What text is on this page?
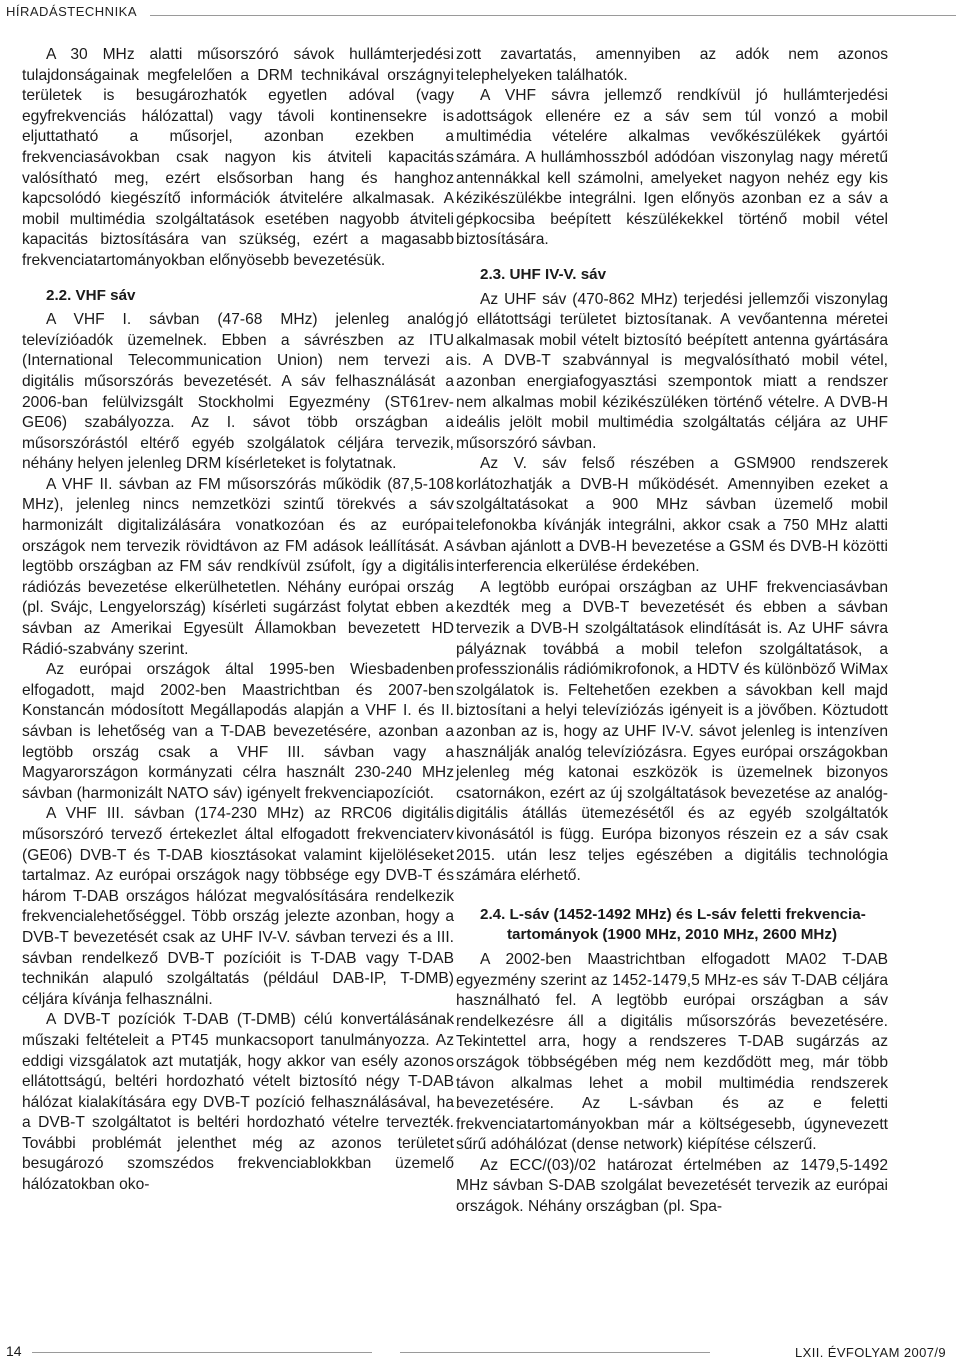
HÍRADÁSTECHNIKA

A 30 MHz alatti műsorszóró sávok hullámterjedési tulajdonságainak megfelelően a DRM technikával országnyi területek is besugározhatók egyetlen adóval (vagy egyfrekvenciás hálózattal) vagy távoli kontinensekre is eljuttatható a műsorjel, azonban ezekben a frekvenciasávokban csak nagyon kis átviteli kapacitás valósítható meg, ezért elsősorban hang és hanghoz kapcsolódó kiegészítő információk átvitelére alkalmasak. A mobil multimédia szolgáltatások esetében nagyobb átviteli kapacitás biztosítására van szükség, ezért a magasabb frekvenciatartományokban előnyösebb bevezetésük.

2.2. VHF sáv

A VHF I. sávban (47-68 MHz) jelenleg analóg televízióadók üzemelnek. Ebben a sávrészben az ITU (International Telecommunication Union) nem tervezi a digitális műsorszórás bevezetését. A sáv felhasználását a 2006-ban felülvizsgált Stockholmi Egyezmény (ST61rev-GE06) szabályozza. Az I. sávot több országban a műsorszórástól eltérő egyéb szolgálatok céljára tervezik, néhány helyen jelenleg DRM kísérleteket is folytatnak.

A VHF II. sávban az FM műsorszórás működik (87,5-108 MHz), jelenleg nincs nemzetközi szintű törekvés a sáv harmonizált digitalizálására vonatkozóan és az európai országok nem tervezik rövidtávon az FM adások leállítását. A legtöbb országban az FM sáv rendkívül zsúfolt, így a digitális rádiózás bevezetése elkerülhetetlen. Néhány európai ország (pl. Svájc, Lengyelország) kísérleti sugárzást folytat ebben a sávban az Amerikai Egyesült Államokban bevezetett HD Rádió-szabvány szerint.

Az európai országok által 1995-ben Wiesbadenben elfogadott, majd 2002-ben Maastrichtban és 2007-ben Konstancán módosított Megállapodás alapján a VHF I. és II. sávban is lehetőség van a T-DAB bevezetésére, azonban a legtöbb ország csak a VHF III. sávban vagy a Magyarországon kormányzati célra használt 230-240 MHz sávban (harmonizált NATO sáv) igényelt frekvenciapozíciót.

A VHF III. sávban (174-230 MHz) az RRC06 digitális műsorszóró tervező értekezlet által elfogadott frekvenciaterv (GE06) DVB-T és T-DAB kiosztásokat valamint kijelöléseket tartalmaz. Az európai országok nagy többsége egy DVB-T és három T-DAB országos hálózat megvalósítására rendelkezik frekvencialehetőséggel. Több ország jelezte azonban, hogy a DVB-T bevezetését csak az UHF IV-V. sávban tervezi és a III. sávban rendelkező DVB-T pozícióit is T-DAB vagy T-DAB technikán alapuló szolgáltatás (például DAB-IP, T-DMB) céljára kívánja felhasználni.

A DVB-T pozíciók T-DAB (T-DMB) célú konvertálásának műszaki feltételeit a PT45 munkacsoport tanulmányozza. Az eddigi vizsgálatok azt mutatják, hogy akkor van esély azonos ellátottságú, beltéri hordozható vételt biztosító négy T-DAB hálózat kialakítására egy DVB-T pozíció felhasználásával, ha a DVB-T szolgáltatot is beltéri hordozható vételre tervezték. További problémát jelenthet még az azonos területet besugározó szomszédos frekvenciablokkban üzemelő hálózatokban oko-

zott zavartatás, amennyiben az adók nem azonos telephelyeken találhatók.

A VHF sávra jellemző rendkívül jó hullámterjedési adottságok ellenére ez a sáv sem túl vonzó a mobil multimédia vételére alkalmas vevőkészülékek gyártói számára. A hullámhosszból adódóan viszonylag nagy méretű antennákkal kell számolni, amelyeket nagyon nehéz egy kis kézikészülékbe integrálni. Igen előnyös azonban ez a sáv a gépkocsiba beépített készülékekkel történő mobil vétel biztosítására.

2.3. UHF IV-V. sáv

Az UHF sáv (470-862 MHz) terjedési jellemzői viszonylag jó ellátottsági területet biztosítanak. A vevőantenna méretei alkalmasak mobil vételt biztosító beépített antenna gyártására is. A DVB-T szabvánnyal is megvalósítható mobil vétel, azonban energiafogyasztási szempontok miatt a rendszer nem alkalmas mobil kézikészüléken történő vételre. A DVB-H ideális jelölt mobil multimédia szolgáltatás céljára az UHF műsorszóró sávban.

Az V. sáv felső részében a GSM900 rendszerek korlátozhatják a DVB-H működését. Amennyiben ezeket a szolgáltatásokat a 900 MHz sávban üzemelő mobil telefonokba kívánják integrálni, akkor csak a 750 MHz alatti sávban ajánlott a DVB-H bevezetése a GSM és DVB-H közötti interferencia elkerülése érdekében.

A legtöbb európai országban az UHF frekvenciasávban kezdték meg a DVB-T bevezetését és ebben a sávban tervezik a DVB-H szolgáltatások elindítását is. Az UHF sávra pályáznak továbbá a mobil telefon szolgáltatások, a professzionális rádiómikrofonok, a HDTV és különböző WiMax szolgálatok is. Feltehetően ezekben a sávokban kell majd biztosítani a helyi televíziózás igényeit is a jövőben. Köztudott azonban az is, hogy az UHF IV-V. sávot jelenleg is intenzíven használják analóg televíziózásra. Egyes európai országokban jelenleg még katonai eszközök is üzemelnek bizonyos csatornákon, ezért az új szolgáltatások bevezetése az analóg-digitális átállás ütemezésétől és az egyéb szolgáltatók kivonásától is függ. Európa bizonyos részein ez a sáv csak 2015. után lesz teljes egészében a digitális technológia számára elérhető.

2.4. L-sáv (1452-1492 MHz) és L-sáv feletti frekvencia-
tartományok (1900 MHz, 2010 MHz, 2600 MHz)

A 2002-ben Maastrichtban elfogadott MA02 T-DAB egyezmény szerint az 1452-1479,5 MHz-es sáv T-DAB céljára használható fel. A legtöbb európai országban a sáv rendelkezésre áll a digitális műsorszórás bevezetésére. Tekintettel arra, hogy a rendszeres T-DAB sugárzás az országok többségében még nem kezdődött meg, már több távon alkalmas lehet a mobil multimédia rendszerek bevezetésére. Az L-sávban és az e feletti frekvenciatartományokban már a költségesebb, úgynevezett sűrű adóhálózat (dense network) kiépítése célszerű.

Az ECC/(03)/02 határozat értelmében az 1479,5-1492 MHz sávban S-DAB szolgálat bevezetését tervezik az európai országok. Néhány országban (pl. Spa-

14	LXII. ÉVFOLYAM 2007/9
